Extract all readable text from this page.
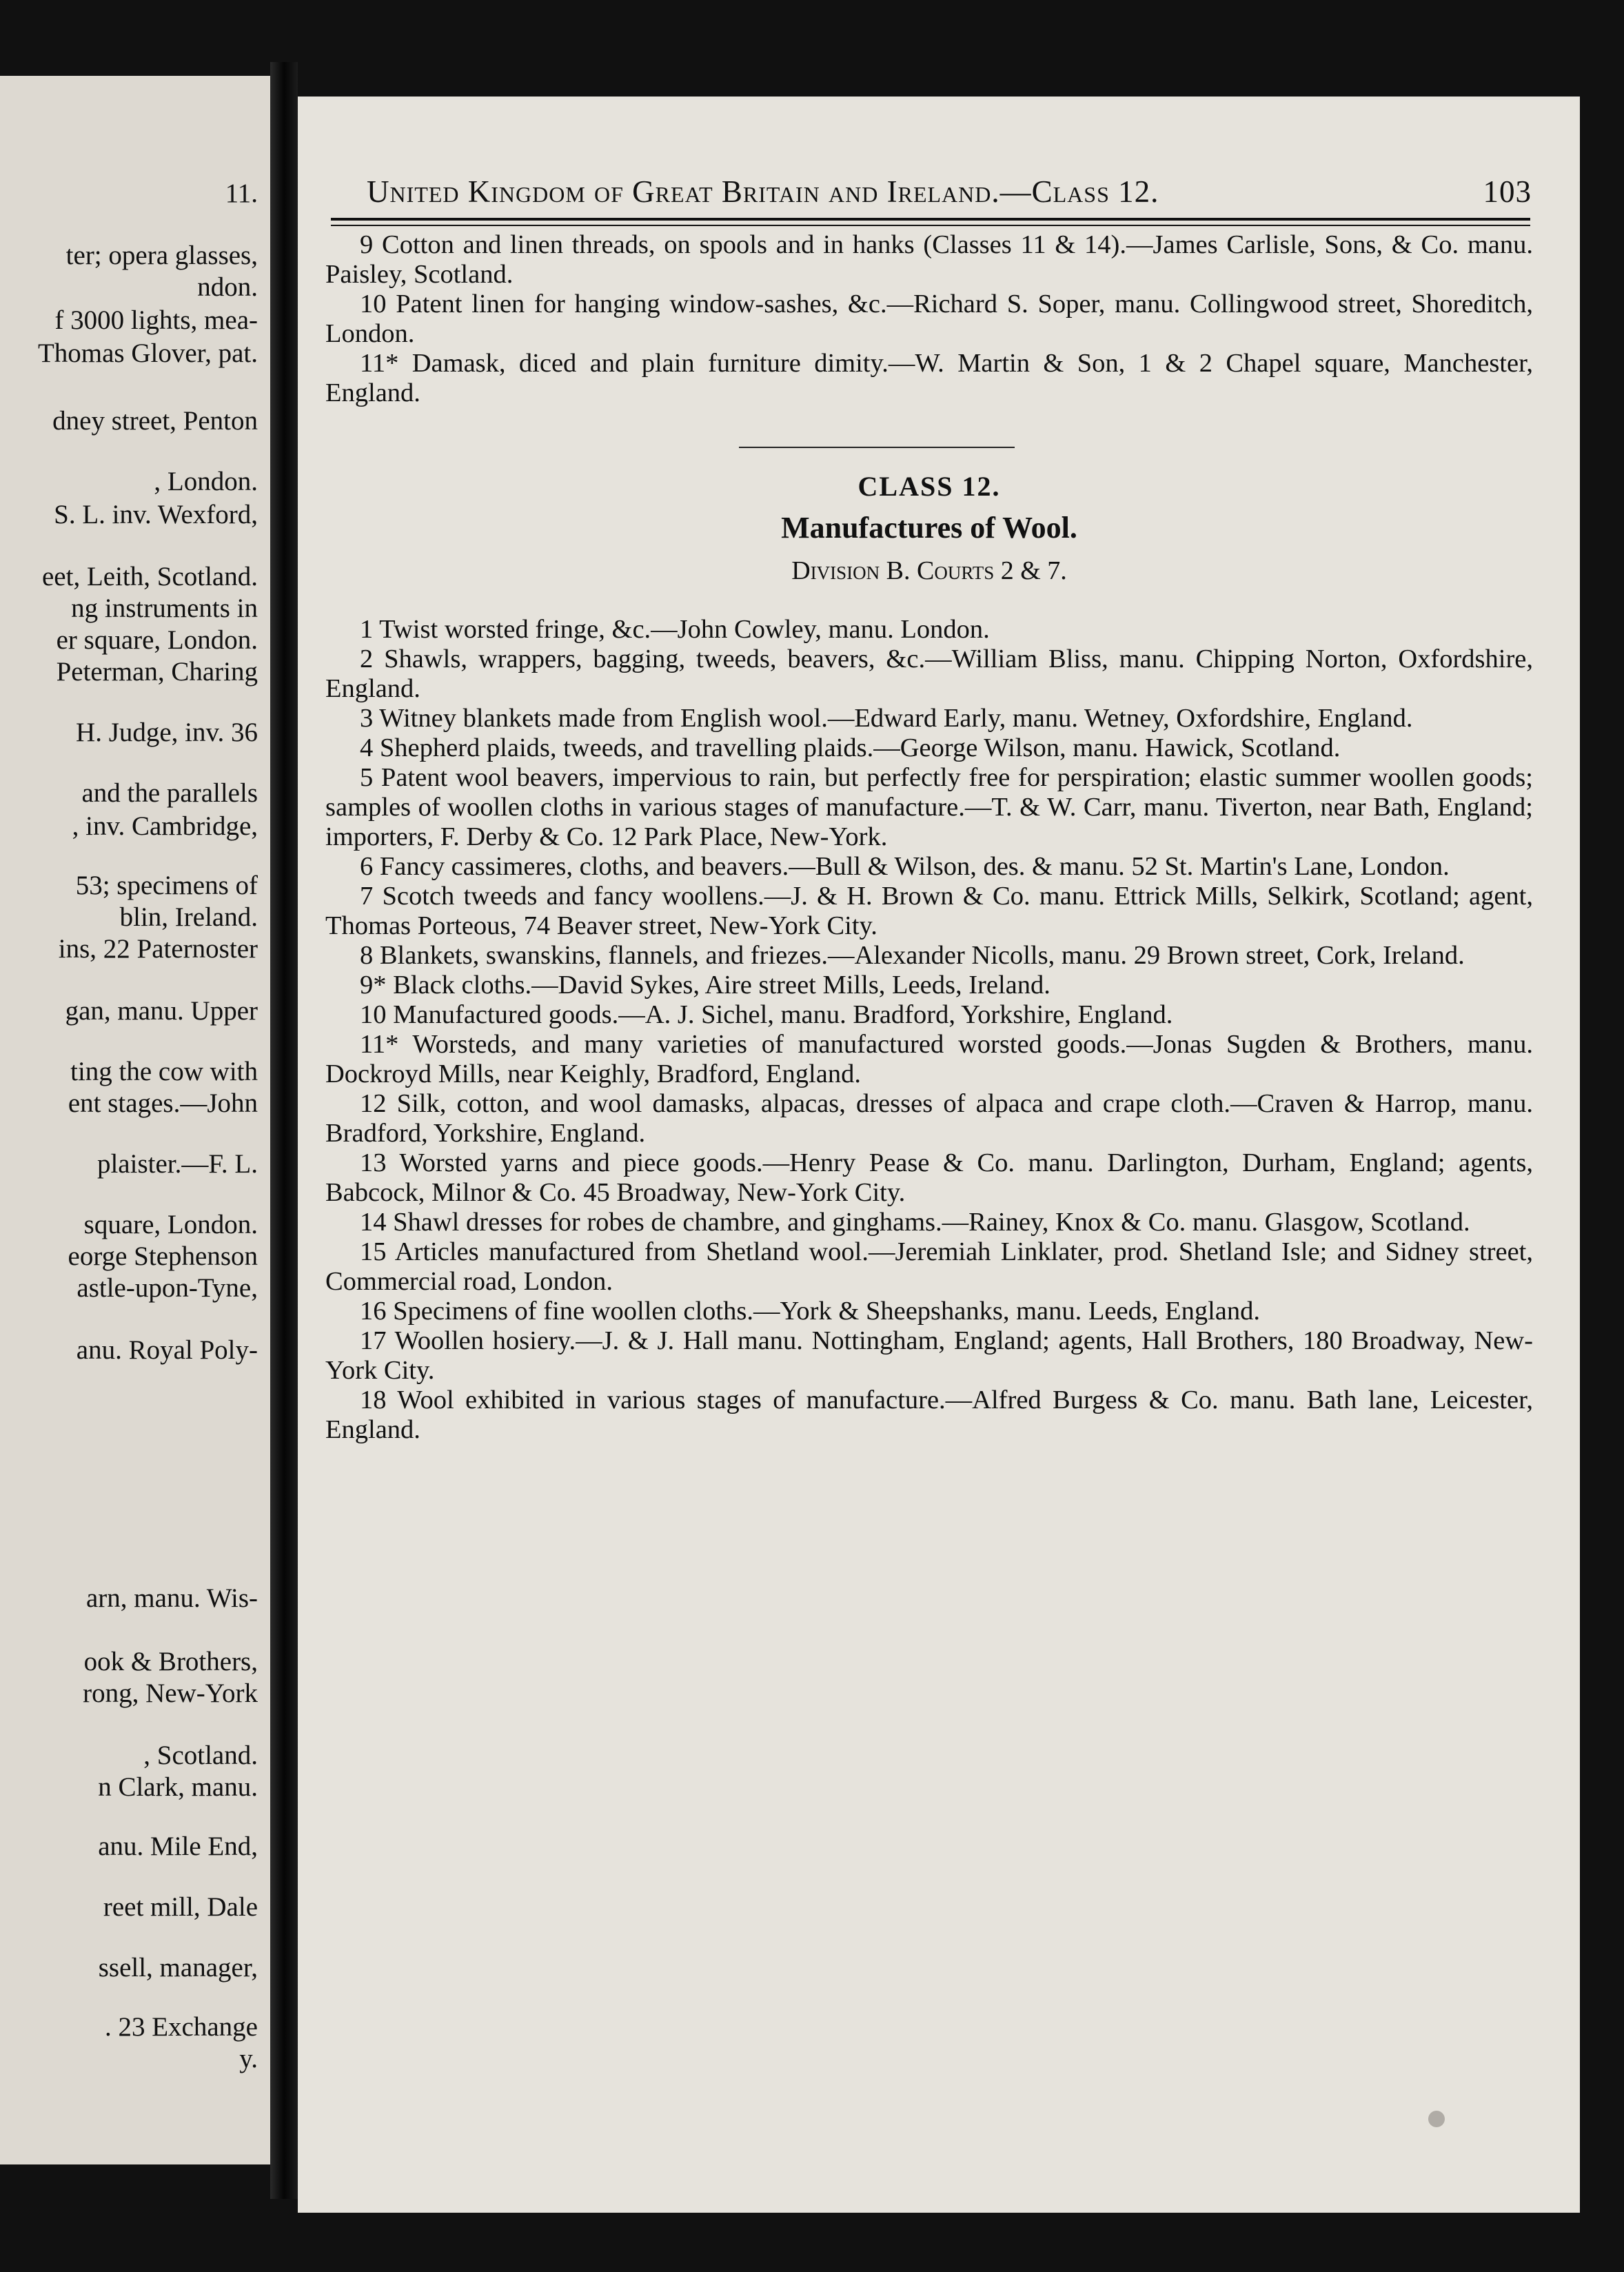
11.
ter; opera glasses,
ndon.
f 3000 lights, mea-
Thomas Glover, pat.
dney street, Penton
, London.
S. L. inv. Wexford,
eet, Leith, Scotland.
ng instruments in
er square, London.
Peterman, Charing
H. Judge, inv. 36
and the parallels
, inv. Cambridge,
53; specimens of
blin, Ireland.
ins, 22 Paternoster
gan, manu. Upper
ting the cow with
ent stages.—John
plaister.—F. L.
square, London.
eorge Stephenson
astle-upon-Tyne,
anu. Royal Poly-
arn, manu. Wis-
ook & Brothers,
rong, New-York
, Scotland.
n Clark, manu.
anu. Mile End,
reet mill, Dale
ssell, manager,
. 23 Exchange
y.
United Kingdom of Great Britain and Ireland.—Class 12.	103

9 Cotton and linen threads, on spools and in hanks (Classes 11 & 14).—James Carlisle, Sons, & Co. manu. Paisley, Scotland.

10 Patent linen for hanging window-sashes, &c.—Richard S. Soper, manu. Collingwood street, Shoreditch, London.

11* Damask, diced and plain furniture dimity.—W. Martin & Son, 1 & 2 Chapel square, Manchester, England.

CLASS 12.
Manufactures of Wool.
Division B. Courts 2 & 7.

1 Twist worsted fringe, &c.—John Cowley, manu. London.

2 Shawls, wrappers, bagging, tweeds, beavers, &c.—William Bliss, manu. Chipping Norton, Oxfordshire, England.

3 Witney blankets made from English wool.—Edward Early, manu. Wetney, Oxfordshire, England.

4 Shepherd plaids, tweeds, and travelling plaids.—George Wilson, manu. Hawick, Scotland.

5 Patent wool beavers, impervious to rain, but perfectly free for perspiration; elastic summer woollen goods; samples of woollen cloths in various stages of manufacture.—T. & W. Carr, manu. Tiverton, near Bath, England; importers, F. Derby & Co. 12 Park Place, New-York.

6 Fancy cassimeres, cloths, and beavers.—Bull & Wilson, des. & manu. 52 St. Martin's Lane, London.

7 Scotch tweeds and fancy woollens.—J. & H. Brown & Co. manu. Ettrick Mills, Selkirk, Scotland; agent, Thomas Porteous, 74 Beaver street, New-York City.

8 Blankets, swanskins, flannels, and friezes.—Alexander Nicolls, manu. 29 Brown street, Cork, Ireland.

9* Black cloths.—David Sykes, Aire street Mills, Leeds, Ireland.

10 Manufactured goods.—A. J. Sichel, manu. Bradford, Yorkshire, England.

11* Worsteds, and many varieties of manufactured worsted goods.—Jonas Sugden & Brothers, manu. Dockroyd Mills, near Keighly, Bradford, England.

12 Silk, cotton, and wool damasks, alpacas, dresses of alpaca and crape cloth.—Craven & Harrop, manu. Bradford, Yorkshire, England.

13 Worsted yarns and piece goods.—Henry Pease & Co. manu. Darlington, Durham, England; agents, Babcock, Milnor & Co. 45 Broadway, New-York City.

14 Shawl dresses for robes de chambre, and ginghams.—Rainey, Knox & Co. manu. Glasgow, Scotland.

15 Articles manufactured from Shetland wool.—Jeremiah Linklater, prod. Shetland Isle; and Sidney street, Commercial road, London.

16 Specimens of fine woollen cloths.—York & Sheepshanks, manu. Leeds, England.

17 Woollen hosiery.—J. & J. Hall manu. Nottingham, England; agents, Hall Brothers, 180 Broadway, New-York City.

18 Wool exhibited in various stages of manufacture.—Alfred Burgess & Co. manu. Bath lane, Leicester, England.
